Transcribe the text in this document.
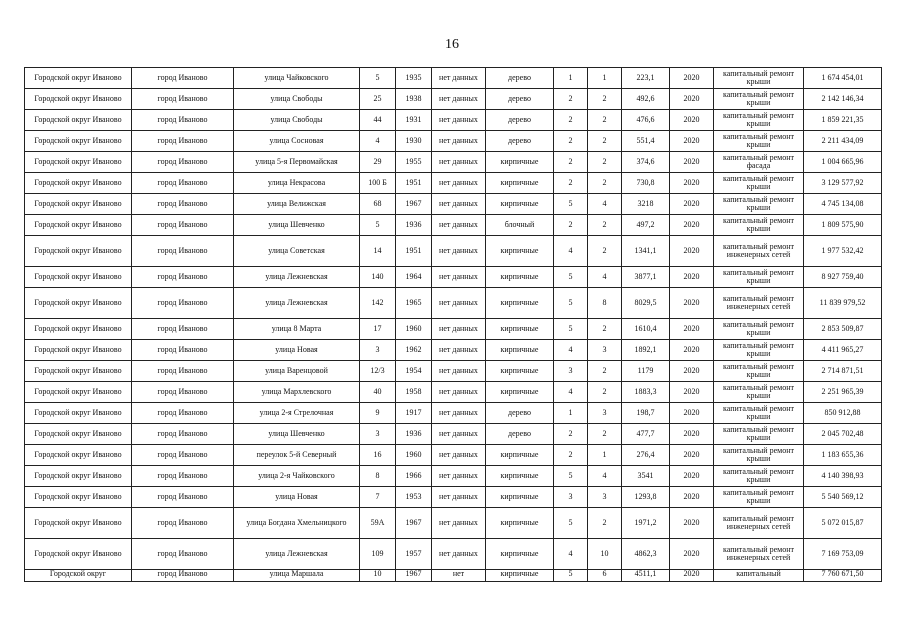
16
Городской округ Иваново	город Иваново	улица Чайковского	5	1935	нет данных	дерево	1	1	223,1	2020	капитальный ремонт крыши	1 674 454,01
Городской округ Иваново	город Иваново	улица Свободы	25	1938	нет данных	дерево	2	2	492,6	2020	капитальный ремонт крыши	2 142 146,34
Городской округ Иваново	город Иваново	улица Свободы	44	1931	нет данных	дерево	2	2	476,6	2020	капитальный ремонт крыши	1 859 221,35
Городской округ Иваново	город Иваново	улица Сосновая	4	1930	нет данных	дерево	2	2	551,4	2020	капитальный ремонт крыши	2 211 434,09
Городской округ Иваново	город Иваново	улица 5-я Первомайская	29	1955	нет данных	кирпичные	2	2	374,6	2020	капитальный ремонт фасада	1 004 665,96
Городской округ Иваново	город Иваново	улица Некрасова	100 Б	1951	нет данных	кирпичные	2	2	730,8	2020	капитальный ремонт крыши	3 129 577,92
Городской округ Иваново	город Иваново	улица Велижская	68	1967	нет данных	кирпичные	5	4	3218	2020	капитальный ремонт крыши	4 745 134,08
Городской округ Иваново	город Иваново	улица Шевченко	5	1936	нет данных	блочный	2	2	497,2	2020	капитальный ремонт крыши	1 809 575,90
Городской округ Иваново	город Иваново	улица Советская	14	1951	нет данных	кирпичные	4	2	1341,1	2020	капитальный ремонт инженерных сетей	1 977 532,42
Городской округ Иваново	город Иваново	улица Лежневская	140	1964	нет данных	кирпичные	5	4	3877,1	2020	капитальный ремонт крыши	8 927 759,40
Городской округ Иваново	город Иваново	улица Лежневская	142	1965	нет данных	кирпичные	5	8	8029,5	2020	капитальный ремонт инженерных сетей	11 839 979,52
Городской округ Иваново	город Иваново	улица 8 Марта	17	1960	нет данных	кирпичные	5	2	1610,4	2020	капитальный ремонт крыши	2 853 509,87
Городской округ Иваново	город Иваново	улица Новая	3	1962	нет данных	кирпичные	4	3	1892,1	2020	капитальный ремонт крыши	4 411 965,27
Городской округ Иваново	город Иваново	улица Варенцовой	12/3	1954	нет данных	кирпичные	3	2	1179	2020	капитальный ремонт крыши	2 714 871,51
Городской округ Иваново	город Иваново	улица Мархлевского	40	1958	нет данных	кирпичные	4	2	1883,3	2020	капитальный ремонт крыши	2 251 965,39
Городской округ Иваново	город Иваново	улица 2-я Стрелочная	9	1917	нет данных	дерево	1	3	198,7	2020	капитальный ремонт крыши	850 912,88
Городской округ Иваново	город Иваново	улица Шевченко	3	1936	нет данных	дерево	2	2	477,7	2020	капитальный ремонт крыши	2 045 702,48
Городской округ Иваново	город Иваново	переулок 5-й Северный	16	1960	нет данных	кирпичные	2	1	276,4	2020	капитальный ремонт крыши	1 183 655,36
Городской округ Иваново	город Иваново	улица 2-я Чайковского	8	1966	нет данных	кирпичные	5	4	3541	2020	капитальный ремонт крыши	4 140 398,93
Городской округ Иваново	город Иваново	улица Новая	7	1953	нет данных	кирпичные	3	3	1293,8	2020	капитальный ремонт крыши	5 540 569,12
Городской округ Иваново	город Иваново	улица Богдана Хмельницкого	59А	1967	нет данных	кирпичные	5	2	1971,2	2020	капитальный ремонт инженерных сетей	5 072 015,87
Городской округ Иваново	город Иваново	улица Лежневская	109	1957	нет данных	кирпичные	4	10	4862,3	2020	капитальный ремонт инженерных сетей	7 169 753,09
Городской округ	город Иваново	улица Маршала	10	1967	нет	кирпичные	5	6	4511,1	2020	капитальный	7 760 671,50
